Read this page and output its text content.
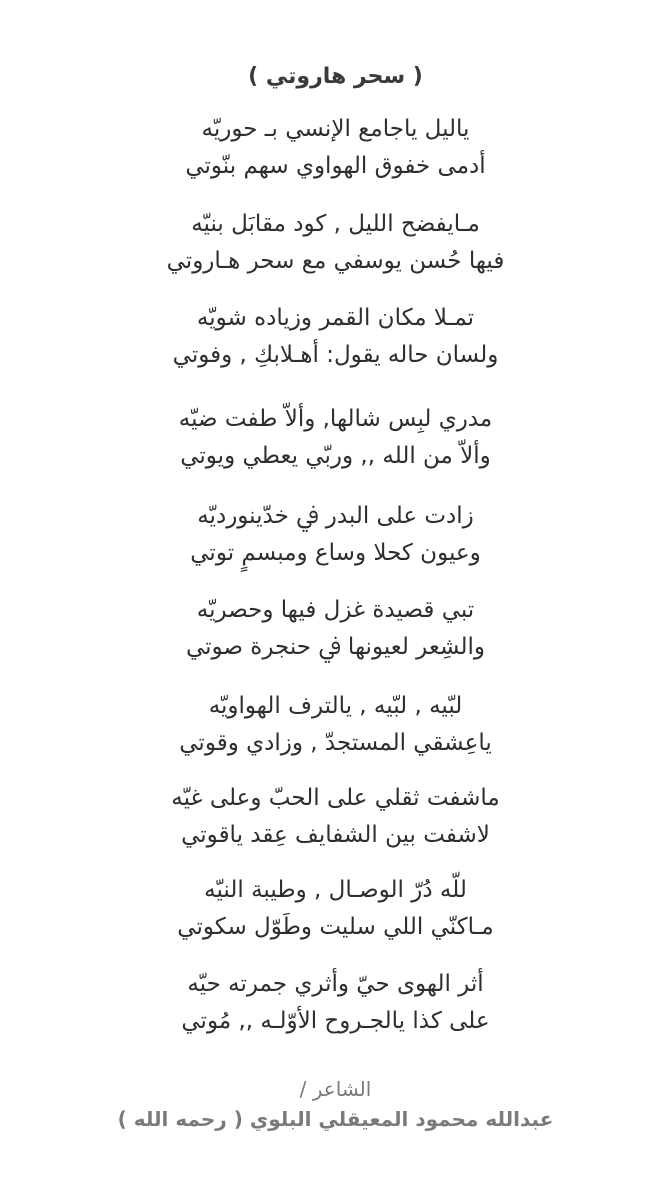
( سحر هاروتي )
ياليل ياجامع الإنسي بـ حوريّه
أدمى خفوق الهواوي سهم بنّوتي
مـايفضح الليل , كود مقابَل بنيّه
فيها حُسن يوسفي مع سحر هـاروتي
تمـلا مكان القمر وزياده شويّه
ولسان حاله يقول: أهـلابكِ , وفوتي
مدري لبِس شالها, وألاّ طفت ضيّه
وألاّ من الله ,, وربّي يعطي ويوتي
زادت على البدر ﰲ خدّينورديّه
وعيون كحلا وساع ومبسمٍ توتي
تبي قصيدة غزل فيها وحصريّه
والشِعر لعيونها ﰲ حنجرة صوتي
لبّيه , لبّيه , يالترف الهواويّه
ياعِشقي المستجدّ , وزادي وقوتي
ماشفت ثقلي على الحبّ وعلى غيّه
لاشفت بين الشفايف عِقد ياقوتي
للّه دُرّ الوصـال , وطيبة النيّه
مـاكنّي اللي سليت وطَوّل سكوتي
أثر الهوى حيّ وأثري جمرته حيّه
على كذا يالجـروح الأوّلـه ,, مُوتي
الشاعر /
عبدالله محمود المعيقلي البلوي ( رحمه الله )
